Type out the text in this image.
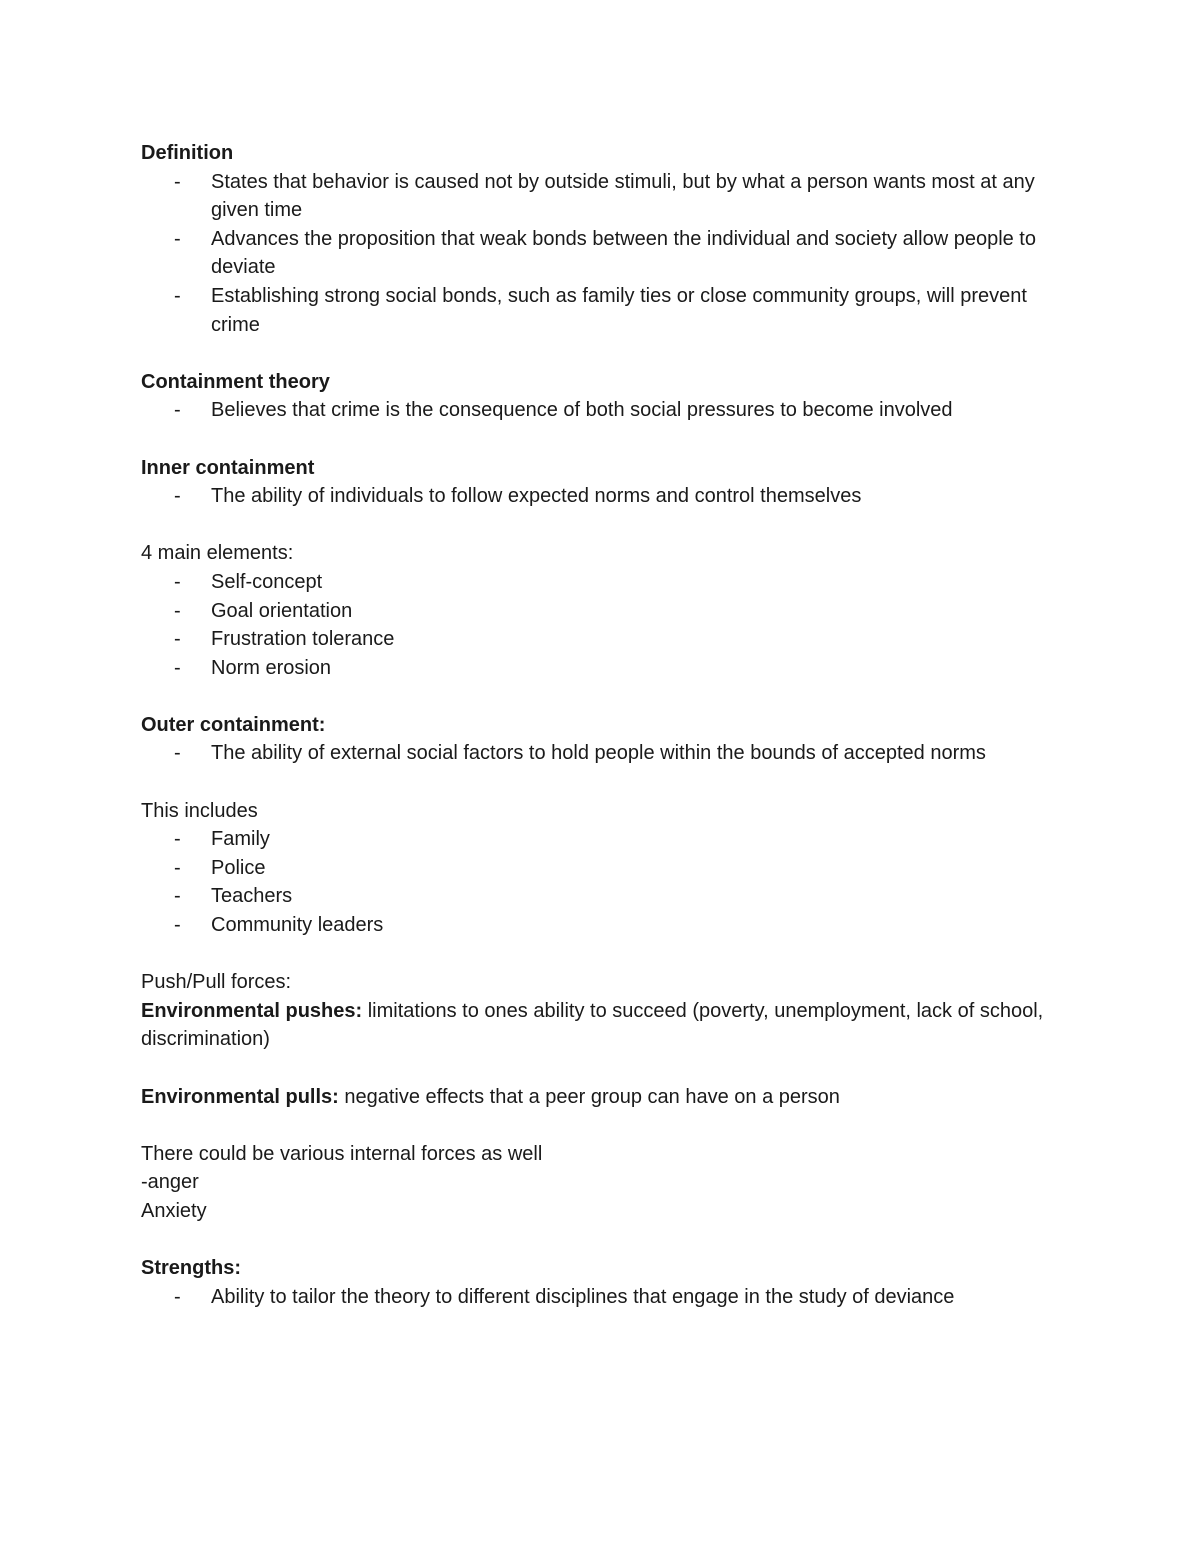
Definition

- States that behavior is caused not by outside stimuli, but by what a person wants most at any given time
- Advances the proposition that weak bonds between the individual and society allow people to deviate
- Establishing strong social bonds, such as family ties or close community groups, will prevent crime

Containment theory

- Believes that crime is the consequence of both social pressures to become involved

Inner containment

- The ability of individuals to follow expected norms and control themselves

4 main elements:

- Self-concept
- Goal orientation
- Frustration tolerance
- Norm erosion

Outer containment:

- The ability of external social factors to hold people within the bounds of accepted norms

This includes

- Family
- Police
- Teachers
- Community leaders

Push/Pull forces:

Environmental pushes: limitations to ones ability to succeed (poverty, unemployment, lack of school, discrimination)

Environmental pulls: negative effects that a peer group can have on a person

There could be various internal forces as well

-anger

Anxiety

Strengths:

- Ability to tailor the theory to different disciplines that engage in the study of deviance
